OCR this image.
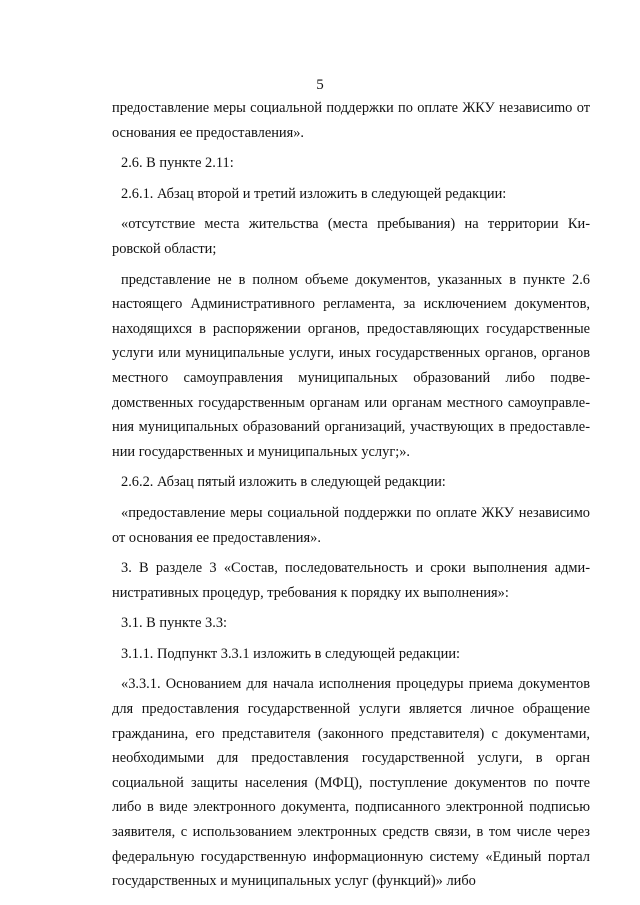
5

предоставление меры социальной поддержки по оплате ЖКУ независиmo от основания ее предоставления».

2.6. В пункте 2.11:

2.6.1. Абзац второй и третий изложить в следующей редакции:

«отсутствие места жительства (места пребывания) на территории Кировской области;

представление не в полном объеме документов, указанных в пункте 2.6 настоящего Административного регламента, за исключением документов, находящихся в распоряжении органов, предоставляющих государственные услуги или муниципальные услуги, иных государственных органов, органов местного самоуправления муниципальных образований либо подведомственных государственным органам или органам местного самоуправления муниципальных образований организаций, участвующих в предоставлении государственных и муниципальных услуг;».

2.6.2. Абзац пятый изложить в следующей редакции:

«предоставление меры социальной поддержки по оплате ЖКУ независимо от основания ее предоставления».

3. В разделе 3 «Состав, последовательность и сроки выполнения административных процедур, требования к порядку их выполнения»:

3.1. В пункте 3.3:

3.1.1. Подпункт 3.3.1 изложить в следующей редакции:

«3.3.1. Основанием для начала исполнения процедуры приема документов для предоставления государственной услуги является личное обращение гражданина, его представителя (законного представителя) с документами, необходимыми для предоставления государственной услуги, в орган социальной защиты населения (МФЦ), поступление документов по почте либо в виде электронного документа, подписанного электронной подписью заявителя, с использованием электронных средств связи, в том числе через федеральную государственную информационную систему «Единый портал государственных и муниципальных услуг (функций)» либо
